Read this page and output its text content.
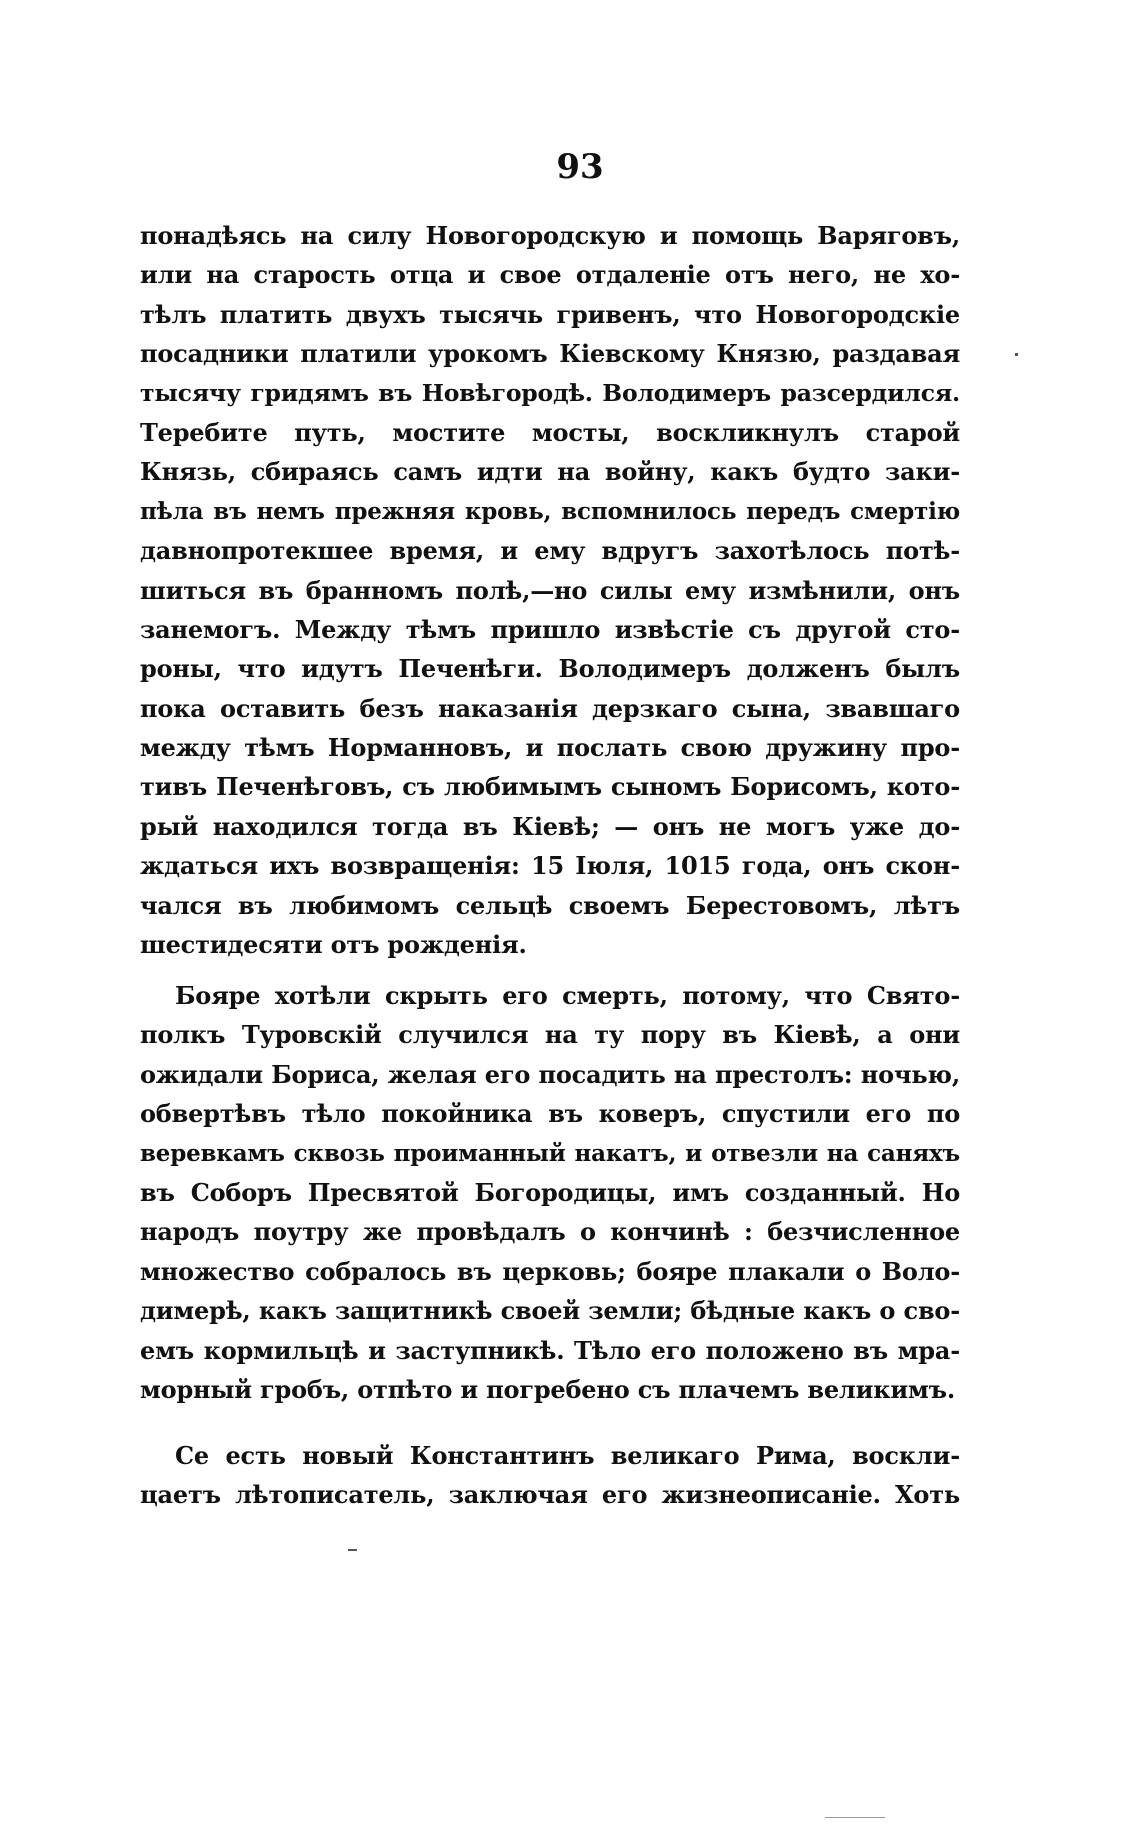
93
понадѣясь на силу Новогородскую и помощь Варяговъ,
или на старость отца и свое отдаленіе отъ него, не хо-
тѣлъ платить двухъ тысячь гривенъ, что Новогородскіе
посадники платили урокомъ Кіевскому Князю, раздавая
тысячу гридямъ въ Новѣгородѣ. Володимеръ разсердился.
Теребите путь, мостите мосты, воскликнулъ старой
Князь, сбираясь самъ идти на войну, какъ будто заки-
пѣла въ немъ прежняя кровь, вспомнилось передъ смертію
давнопротекшее время, и ему вдругъ захотѣлось потѣ-
шиться въ бранномъ полѣ,—но силы ему измѣнили, онъ
занемогъ. Между тѣмъ пришло извѣстіе съ другой сто-
роны, что идутъ Печенѣги. Володимеръ долженъ былъ
пока оставить безъ наказанія дерзкаго сына, звавшаго
между тѣмъ Норманновъ, и послать свою дружину про-
тивъ Печенѣговъ, съ любимымъ сыномъ Борисомъ, кото-
рый находился тогда въ Кіевѣ; — онъ не могъ уже до-
ждаться ихъ возвращенія: 15 Іюля, 1015 года, онъ скон-
чался въ любимомъ сельцѣ своемъ Берестовомъ, лѣтъ
шестидесяти отъ рожденія.
Бояре хотѣли скрыть его смерть, потому, что Свято-
полкъ Туровскій случился на ту пору въ Кіевѣ, а они
ожидали Бориса, желая его посадить на престолъ: ночью,
обвертѣвъ тѣло покойника въ коверъ, спустили его по
веревкамъ сквозь проиманный накатъ, и отвезли на саняхъ
въ Соборъ Пресвятой Богородицы, имъ созданный. Но
народъ поутру же провѣдалъ о кончинѣ : безчисленное
множество собралось въ церковь; бояре плакали о Воло-
димерѣ, какъ защитникѣ своей земли; бѣдные какъ о сво-
емъ кормильцѣ и заступникѣ. Тѣло его положено въ мра-
морный гробъ, отпѣто и погребено съ плачемъ великимъ.
Се есть новый Константинъ великаго Рима, воскли-
цаетъ лѣтописатель, заключая его жизнеописаніе. Хоть
